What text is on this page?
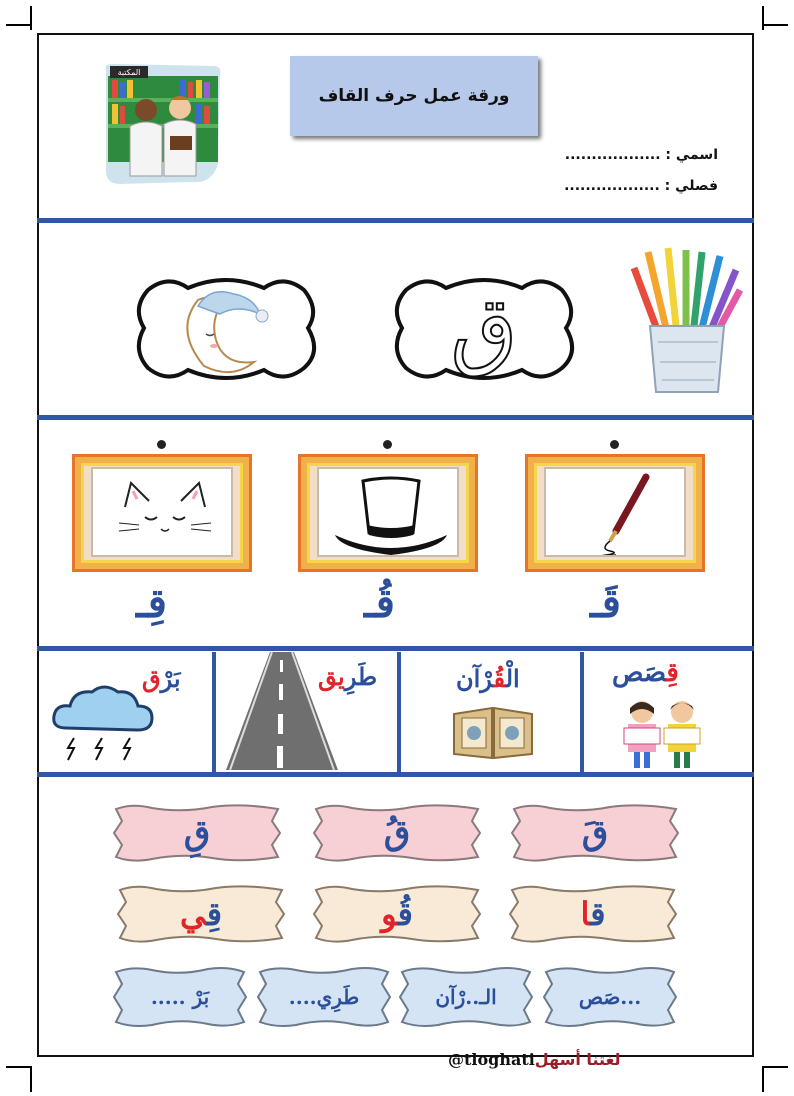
المكتبة
ورقة عمل حرف القاف
اسمي : ..................
فصلي : ..................
ق
قِـ	قُـ	قَـ
قِصَص
الْقُرْآن
طَرِيق
بَرْق
قِ	قُ	قَ
قِي	قُو	قا
بَرْ .....	طَرِي....	الـ..رْآن	...صَص
@tloghatiلغتنا أسهل
